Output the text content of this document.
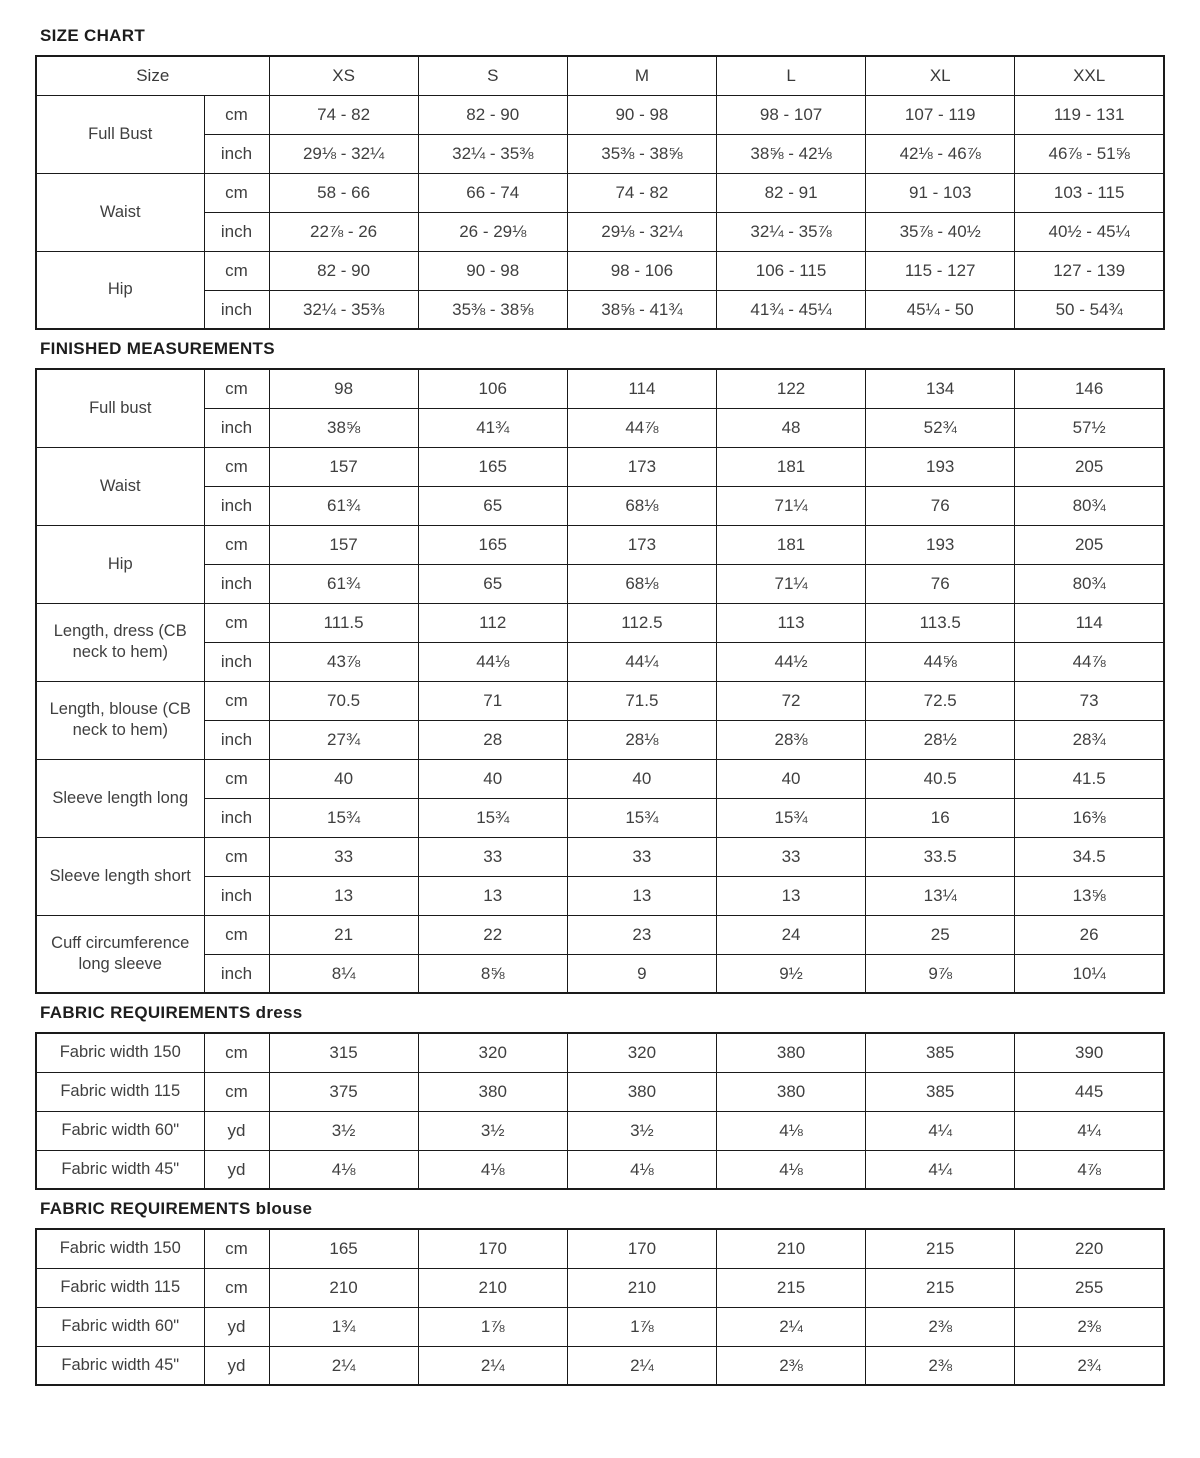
SIZE CHART
Size		XS	S	M	L	XL	XXL
Full Bust	cm	74 - 82	82 - 90	90 - 98	98 - 107	107 - 119	119 - 131
	inch	29⅛ - 32¼	32¼ - 35⅜	35⅜ - 38⅝	38⅝ - 42⅛	42⅛ - 46⅞	46⅞ - 51⅝
Waist	cm	58 - 66	66 - 74	74 - 82	82 - 91	91 - 103	103 - 115
	inch	22⅞ - 26	26 - 29⅛	29⅛ - 32¼	32¼ - 35⅞	35⅞ - 40½	40½ - 45¼
Hip	cm	82 - 90	90 - 98	98 - 106	106 - 115	115 - 127	127 - 139
	inch	32¼ - 35⅜	35⅜ - 38⅝	38⅝ - 41¾	41¾ - 45¼	45¼ - 50	50 - 54¾
FINISHED MEASUREMENTS
Full bust	cm	98	106	114	122	134	146
	inch	38⅝	41¾	44⅞	48	52¾	57½
Waist	cm	157	165	173	181	193	205
	inch	61¾	65	68⅛	71¼	76	80¾
Hip	cm	157	165	173	181	193	205
	inch	61¾	65	68⅛	71¼	76	80¾
Length, dress (CB neck to hem)	cm	111.5	112	112.5	113	113.5	114
	inch	43⅞	44⅛	44¼	44½	44⅝	44⅞
Length, blouse (CB neck to hem)	cm	70.5	71	71.5	72	72.5	73
	inch	27¾	28	28⅛	28⅜	28½	28¾
Sleeve length long	cm	40	40	40	40	40.5	41.5
	inch	15¾	15¾	15¾	15¾	16	16⅜
Sleeve length short	cm	33	33	33	33	33.5	34.5
	inch	13	13	13	13	13¼	13⅝
Cuff circumference long sleeve	cm	21	22	23	24	25	26
	inch	8¼	8⅝	9	9½	9⅞	10¼
FABRIC REQUIREMENTS dress
Fabric width 150	cm	315	320	320	380	385	390
Fabric width 115	cm	375	380	380	380	385	445
Fabric width 60"	yd	3½	3½	3½	4⅛	4¼	4¼
Fabric width 45"	yd	4⅛	4⅛	4⅛	4⅛	4¼	4⅞
FABRIC REQUIREMENTS blouse
Fabric width 150	cm	165	170	170	210	215	220
Fabric width 115	cm	210	210	210	215	215	255
Fabric width 60"	yd	1¾	1⅞	1⅞	2¼	2⅜	2⅜
Fabric width 45"	yd	2¼	2¼	2¼	2⅜	2⅜	2¾
